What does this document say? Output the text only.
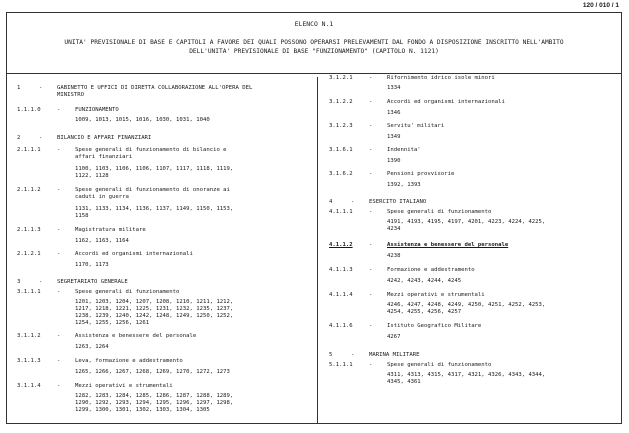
120 / 010 / 1
ELENCO N.1
UNITA' PREVISIONALE DI BASE E CAPITOLI A FAVORE DEI QUALI POSSONO OPERARSI PRELEVAMENTI DAL FONDO A DISPOSIZIONE INSCRITTO NELL'AMBITO
DELL'UNITA' PREVISIONALE DI BASE "FUNZIONAMENTO" (CAPITOLO N. 1121)
1	-	GABINETTO E UFFICI DI DIRETTA COLLABORAZIONE ALL'OPERA DEL
MINISTRO
1.1.1.0	-	FUNZIONAMENTO
1009, 1013, 1015, 1016, 1030, 1031, 1040
2	-	BILANCIO E AFFARI FINANZIARI
2.1.1.1	-	Spese generali di funzionamento di bilancio e
affari finanziari
1100, 1103, 1106, 1106, 1107, 1117, 1118, 1119,
1122, 1128
2.1.1.2	-	Spese generali di funzionamento di onoranze ai
caduti in guerra
1131, 1133, 1134, 1136, 1137, 1149, 1150, 1153,
1158
2.1.1.3	-	Magistratura militare
1162, 1163, 1164
2.1.2.1	-	Accordi ed organismi internazionali
1170, 1173
3	-	SEGRETARIATO GENERALE
3.1.1.1	-	Spese generali di funzionamento
1201, 1203, 1204, 1207, 1208, 1210, 1211, 1212,
1217, 1218, 1221, 1225, 1231, 1232, 1235, 1237,
1238, 1239, 1240, 1242, 1248, 1249, 1250, 1252,
1254, 1255, 1256, 1261
3.1.1.2	-	Assistenza e benessere del personale
1263, 1264
3.1.1.3	-	Leva, formazione e addestramento
1265, 1266, 1267, 1268, 1269, 1270, 1272, 1273
3.1.1.4	-	Mezzi operativi e strumentali
1282, 1283, 1284, 1285, 1286, 1287, 1288, 1289,
1290, 1292, 1293, 1294, 1295, 1296, 1297, 1298,
1299, 1300, 1301, 1302, 1303, 1304, 1305
3.1.2.1	-	Rifornimento idrico isole minori
1334
3.1.2.2	-	Accordi ed organismi internazionali
1346
3.1.2.3	-	Servitu' militari
1349
3.1.6.1	-	Indennita'
1390
3.1.6.2	-	Pensioni provvisorie
1392, 1393
4	-	ESERCITO ITALIANO
4.1.1.1	-	Spese generali di funzionamento
4191, 4193, 4195, 4197, 4201, 4223, 4224, 4225,
4234
4.1.1.2	-	Assistenza e benessere del personale
4238
4.1.1.3	-	Formazione e addestramento
4242, 4243, 4244, 4245
4.1.1.4	-	Mezzi operativi e strumentali
4246, 4247, 4248, 4249, 4250, 4251, 4252, 4253,
4254, 4255, 4256, 4257
4.1.1.6	-	Istituto Geografico Militare
4267
5	-	MARINA MILITARE
5.1.1.1	-	Spese generali di funzionamento
4311, 4313, 4315, 4317, 4321, 4326, 4343, 4344,
4345, 4361
